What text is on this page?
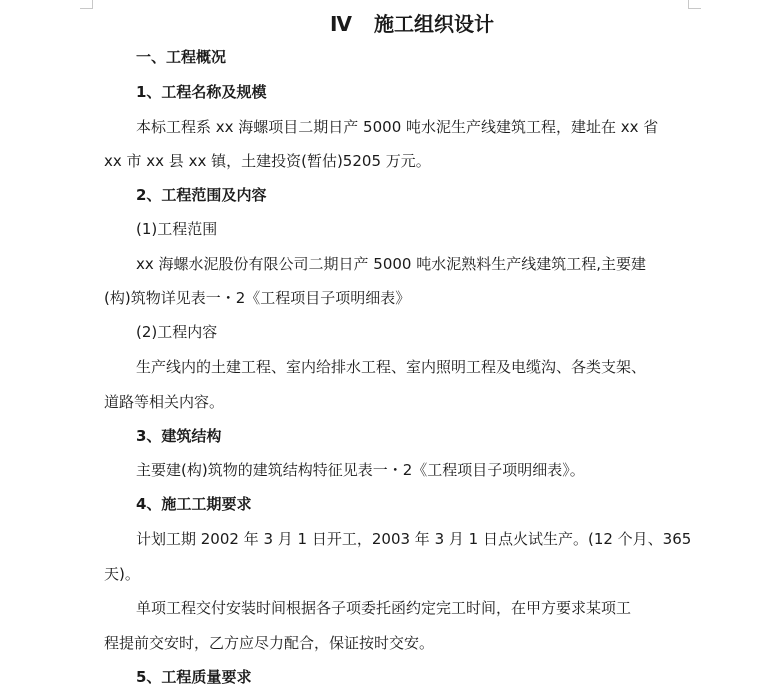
Ⅳ 施工组织设计
一、工程概况
1、工程名称及规模
本标工程系 xx 海螺项目二期日产 5000 吨水泥生产线建筑工程，建址在 xx 省
xx 市 xx 县 xx 镇，土建投资(暂估)5205 万元。
2、工程范围及内容
(1)工程范围
xx 海螺水泥股份有限公司二期日产 5000 吨水泥熟料生产线建筑工程,主要建
(构)筑物详见表一・2《工程项目子项明细表》
(2)工程内容
生产线内的土建工程、室内给排水工程、室内照明工程及电缆沟、各类支架、
道路等相关内容。
3、建筑结构
主要建(构)筑物的建筑结构特征见表一・2《工程项目子项明细表》。
4、施工工期要求
计划工期 2002 年 3 月 1 日开工，2003 年 3 月 1 日点火试生产。(12 个月、365
天)。
单项工程交付安装时间根据各子项委托函约定完工时间，在甲方要求某项工
程提前交安时，乙方应尽力配合，保证按时交安。
5、工程质量要求
